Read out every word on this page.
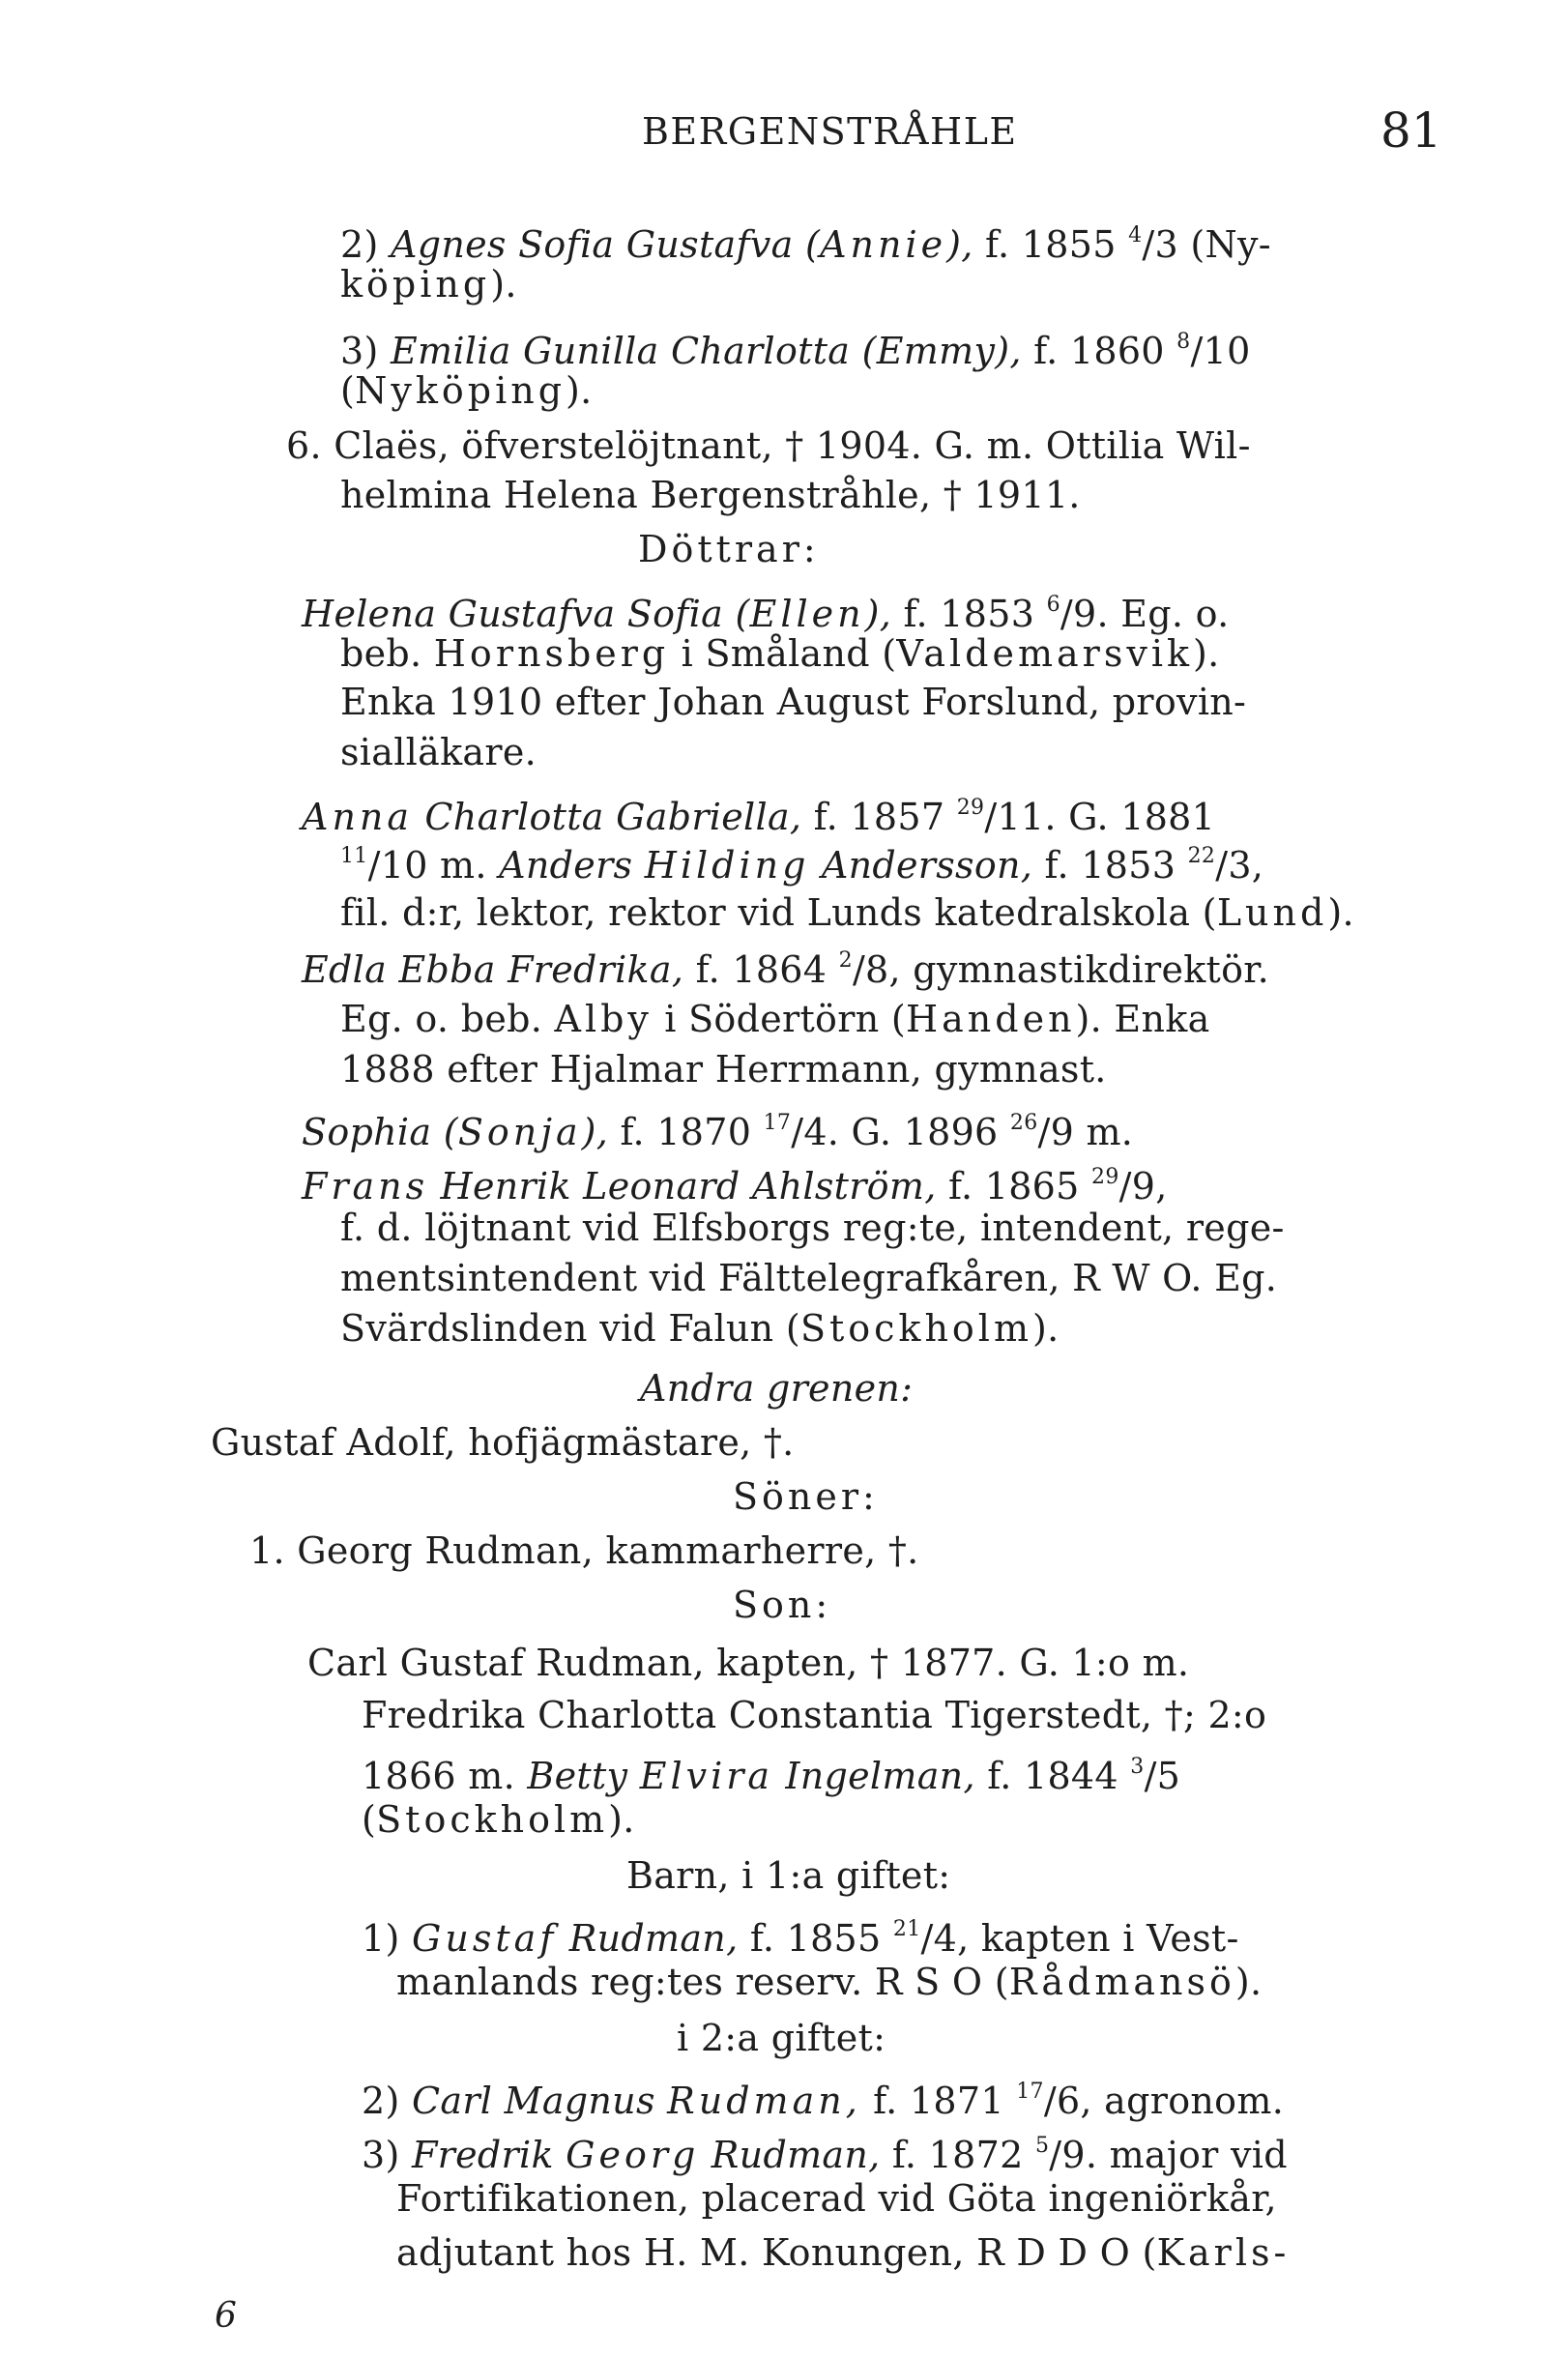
BERGENSTRÅHLE	81
2) Agnes Sofia Gustafva (Annie), f. 1855 $^4$/3 (Ny-
köping).
3) Emilia Gunilla Charlotta (Emmy), f. 1860 $^8$/10
(Nyköping).
6. Claës, öfverstelöjtnant, † 1904. G. m. Ottilia Wil-
helmina Helena Bergenstråhle, † 1911.
Döttrar:
Helena Gustafva Sofia (Ellen), f. 1853 $^6$/9. Eg. o.
beb. Hornsberg i Småland (Valdemarsvik).
Enka 1910 efter Johan August Forslund, provin-
sialläkare.
Anna Charlotta Gabriella, f. 1857 $^{29}$/11. G. 1881
$^{11}$/10 m. Anders Hilding Andersson, f. 1853 $^{22}$/3,
fil. d:r, lektor, rektor vid Lunds katedralskola (Lund).
Edla Ebba Fredrika, f. 1864 $^2$/8, gymnastikdirektör.
Eg. o. beb. Alby i Södertörn (Handen). Enka
1888 efter Hjalmar Herrmann, gymnast.
Sophia (Sonja), f. 1870 $^{17}$/4. G. 1896 $^{26}$/9 m.
Frans Henrik Leonard Ahlström, f. 1865 $^{29}$/9,
f. d. löjtnant vid Elfsborgs reg:te, intendent, rege-
mentsintendent vid Fälttelegrafkåren, R W O. Eg.
Svärdslinden vid Falun (Stockholm).
Andra grenen:
Gustaf Adolf, hofjägmästare, †.
Söner:
1. Georg Rudman, kammarherre, †.
Son:
Carl Gustaf Rudman, kapten, † 1877. G. 1:o m.
Fredrika Charlotta Constantia Tigerstedt, †; 2:o
1866 m. Betty Elvira Ingelman, f. 1844 $^3$/5
(Stockholm).
Barn, i 1:a giftet:
1) Gustaf Rudman, f. 1855 $^{21}$/4, kapten i Vest-
manlands reg:tes reserv. R S O (Rådmansö).
i 2:a giftet:
2) Carl Magnus Rudman, f. 1871 $^{17}$/6, agronom.
3) Fredrik Georg Rudman, f. 1872 $^5$/9. major vid
Fortifikationen, placerad vid Göta ingeniörkår,
adjutant hos H. M. Konungen, R D D O (Karls-
6
